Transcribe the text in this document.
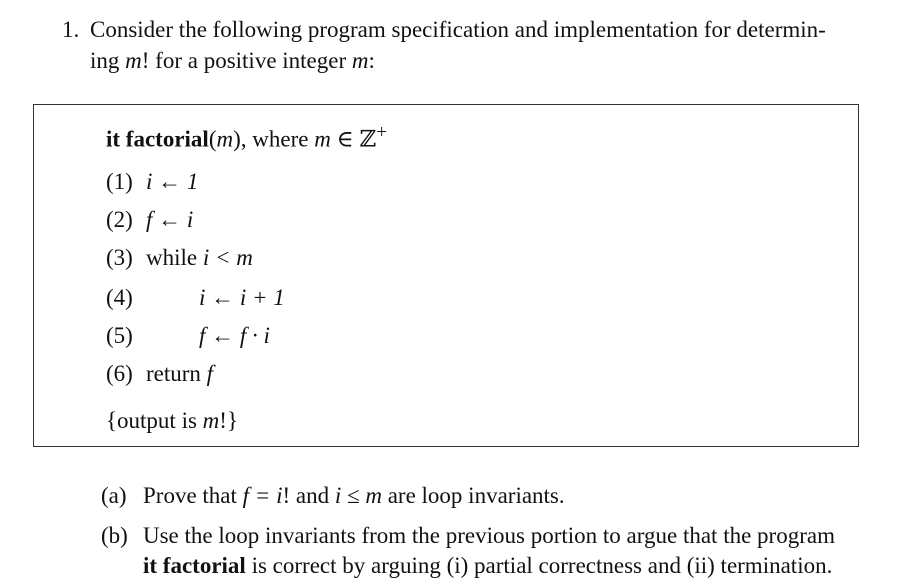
1. Consider the following program specification and implementation for determin-
ing m! for a positive integer m:
it factorial(m), where m ∈ ℤ+
(1) i ← 1
(2) f ← i
(3) while i < m
(4)	i ← i + 1
(5)	f ← f · i
(6) return f
{output is m!}
(a) Prove that f = i! and i ≤ m are loop invariants.
(b) Use the loop invariants from the previous portion to argue that the program
it factorial is correct by arguing (i) partial correctness and (ii) termination.
